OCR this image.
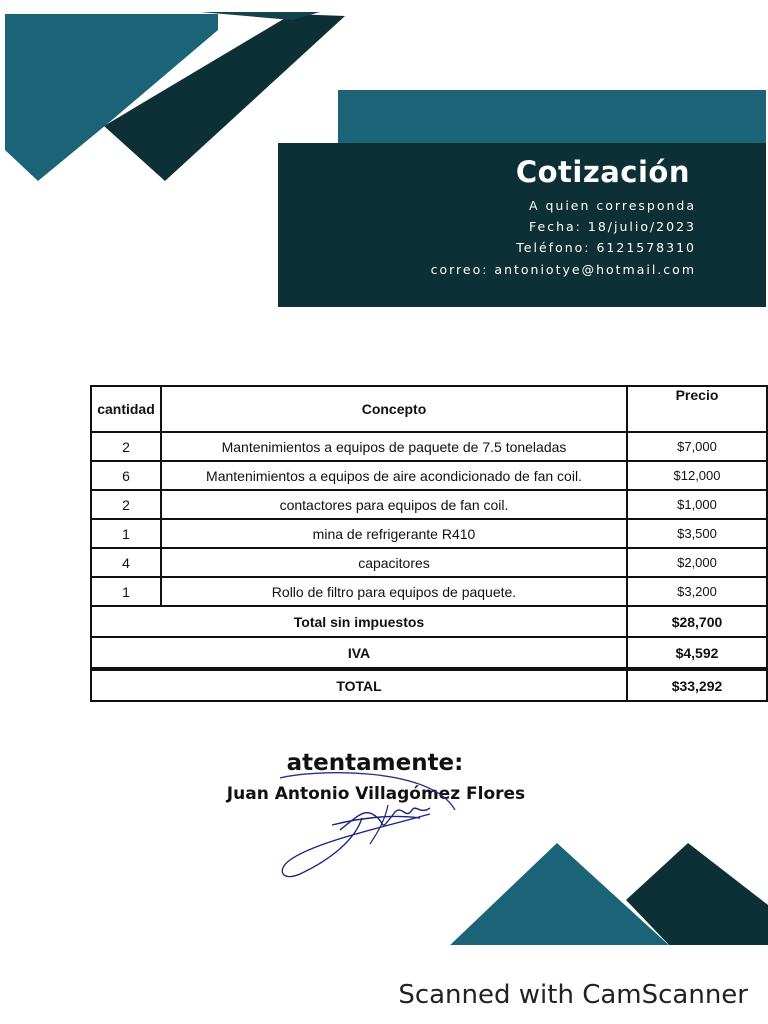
Cotización
A quien corresponda
Fecha: 18/julio/2023
Teléfono: 6121578310
correo: antoniotye@hotmail.com
cantidad	Concepto	Precio
2	Mantenimientos a equipos de paquete de 7.5 toneladas	$7,000
6	Mantenimientos a equipos de aire acondicionado de fan coil.	$12,000
2	contactores para equipos de fan coil.	$1,000
1	mina de refrigerante R410	$3,500
4	capacitores	$2,000
1	Rollo de filtro para equipos de paquete.	$3,200
Total sin impuestos		$28,700
IVA		$4,592
TOTAL		$33,292
atentamente:
Juan Antonio Villagómez Flores
Scanned with CamScanner
